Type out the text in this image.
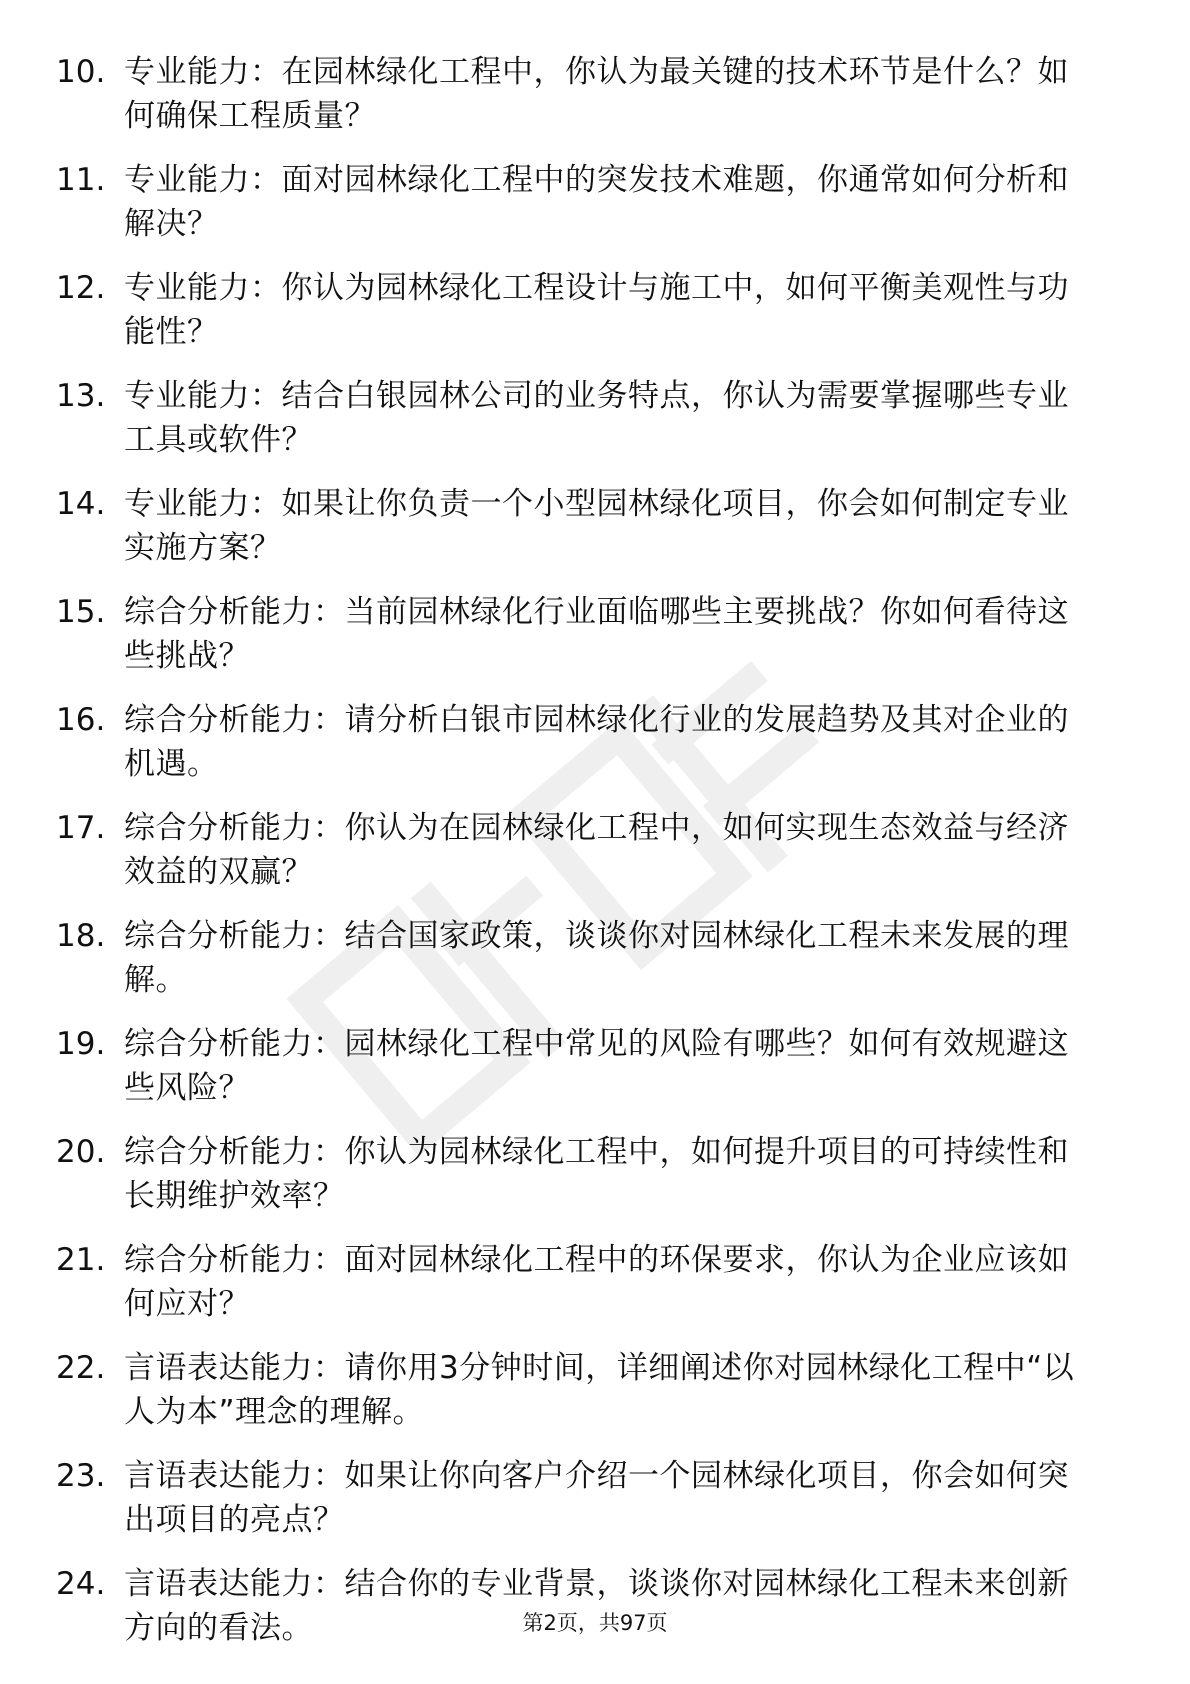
10. 专业能力：在园林绿化工程中，你认为最关键的技术环节是什么？如何确保工程质量？
11. 专业能力：面对园林绿化工程中的突发技术难题，你通常如何分析和解决？
12. 专业能力：你认为园林绿化工程设计与施工中，如何平衡美观性与功能性？
13. 专业能力：结合白银园林公司的业务特点，你认为需要掌握哪些专业工具或软件？
14. 专业能力：如果让你负责一个小型园林绿化项目，你会如何制定专业实施方案？
15. 综合分析能力：当前园林绿化行业面临哪些主要挑战？你如何看待这些挑战？
16. 综合分析能力：请分析白银市园林绿化行业的发展趋势及其对企业的机遇。
17. 综合分析能力：你认为在园林绿化工程中，如何实现生态效益与经济效益的双赢？
18. 综合分析能力：结合国家政策，谈谈你对园林绿化工程未来发展的理解。
19. 综合分析能力：园林绿化工程中常见的风险有哪些？如何有效规避这些风险？
20. 综合分析能力：你认为园林绿化工程中，如何提升项目的可持续性和长期维护效率？
21. 综合分析能力：面对园林绿化工程中的环保要求，你认为企业应该如何应对？
22. 言语表达能力：请你用3分钟时间，详细阐述你对园林绿化工程中“以人为本”理念的理解。
23. 言语表达能力：如果让你向客户介绍一个园林绿化项目，你会如何突出项目的亮点？
24. 言语表达能力：结合你的专业背景，谈谈你对园林绿化工程未来创新方向的看法。	第2页，共97页
